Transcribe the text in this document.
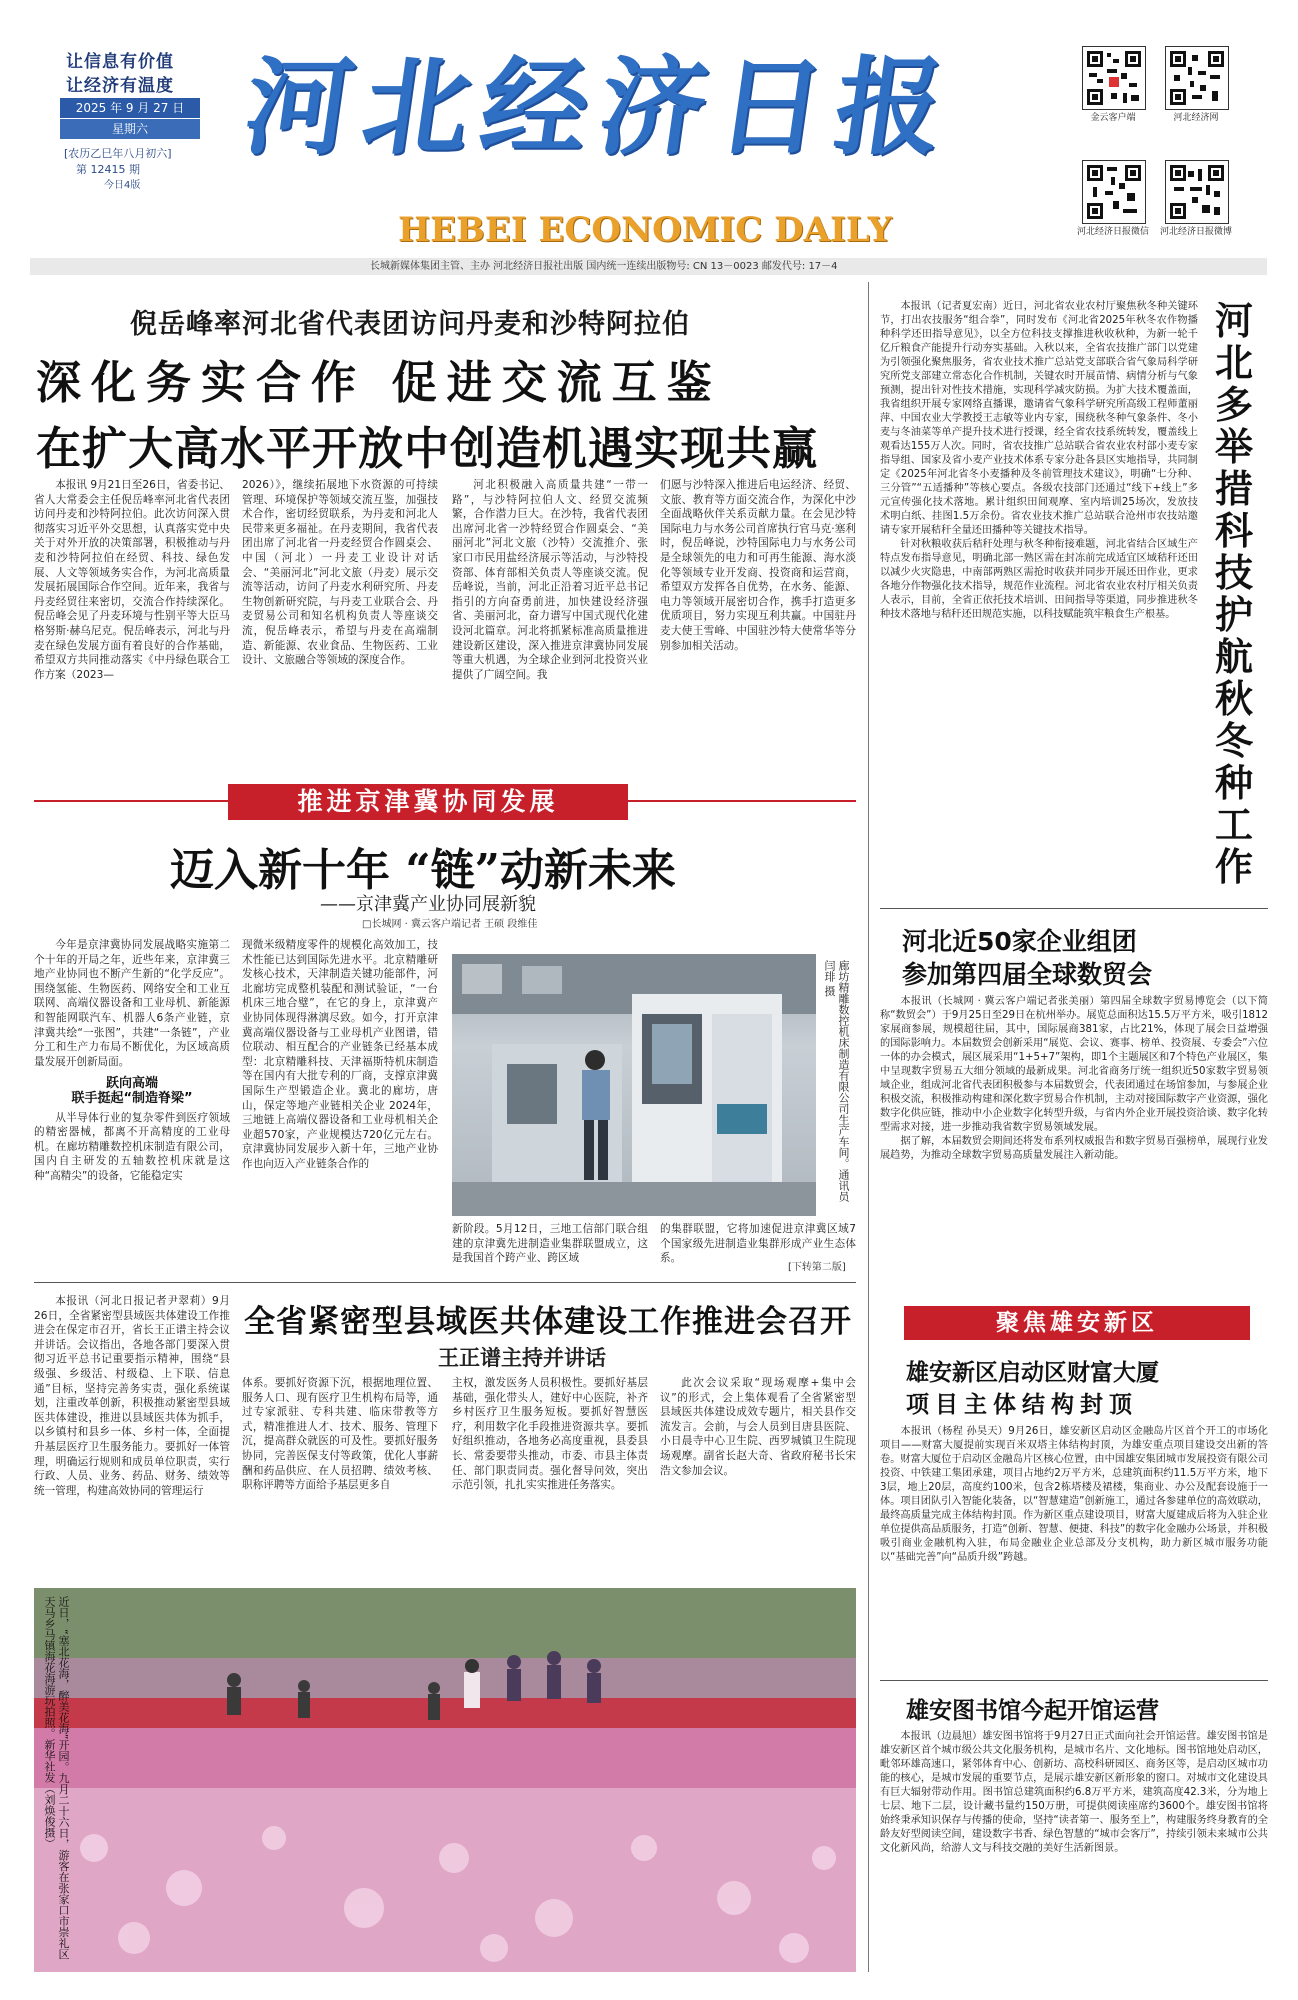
让信息有价值
让经济有温度
2025 年 9 月 27 日
星期六
[农历乙巳年八月初六]
第 12415 期
今日4版
河北经济日报
HEBEI ECONOMIC DAILY
金云客户端	河北经济网
河北经济日报微信	河北经济日报微博
长城新媒体集团主管、主办 河北经济日报社出版 国内统一连续出版物号: CN 13－0023 邮发代号: 17－4
倪岳峰率河北省代表团访问丹麦和沙特阿拉伯
深化务实合作 促进交流互鉴
在扩大高水平开放中创造机遇实现共赢

本报讯 9月21日至26日，省委书记、省人大常委会主任倪岳峰率河北省代表团访问丹麦和沙特阿拉伯。此次访问深入贯彻落实习近平外交思想，认真落实党中央关于对外开放的决策部署，积极推动与丹麦和沙特阿拉伯在经贸、科技、绿色发展、人文等领域务实合作，为河北高质量发展拓展国际合作空间。近年来，我省与丹麦经贸往来密切，交流合作持续深化。倪岳峰会见了丹麦环境与性别平等大臣马格努斯·赫乌尼克。倪岳峰表示，河北与丹麦在绿色发展方面有着良好的合作基础，希望双方共同推动落实《中丹绿色联合工作方案（2023—

2026）》，继续拓展地下水资源的可持续管理、环境保护等领域交流互鉴，加强技术合作，密切经贸联系，为丹麦和河北人民带来更多福祉。在丹麦期间，我省代表团出席了河北省一丹麦经贸合作圆桌会、中国（河北）一丹麦工业设计对话会、“美丽河北”河北文旅（丹麦）展示交流等活动，访问了丹麦水利研究所、丹麦生物创新研究院，与丹麦工业联合会、丹麦贸易公司和知名机构负责人等座谈交流，倪岳峰表示，希望与丹麦在高端制造、新能源、农业食品、生物医药、工业设计、文旅融合等领域的深度合作。

河北积极融入高质量共建“一带一路”，与沙特阿拉伯人文、经贸交流频繁，合作潜力巨大。在沙特，我省代表团出席河北省一沙特经贸合作圆桌会、“美丽河北”河北文旅（沙特）交流推介、张家口市民用盐经济展示等活动，与沙特投资部、体育部相关负责人等座谈交流。倪岳峰说，当前，河北正沿着习近平总书记指引的方向奋勇前进，加快建设经济强省、美丽河北，奋力谱写中国式现代化建设河北篇章。河北将抓紧标准高质量推进建设新区建设，深入推进京津冀协同发展等重大机遇，为全球企业到河北投资兴业提供了广阔空间。我

们愿与沙特深入推进后电运经济、经贸、文旅、教育等方面交流合作，为深化中沙全面战略伙伴关系贡献力量。在会见沙特国际电力与水务公司首席执行官马克·塞利时，倪岳峰说，沙特国际电力与水务公司是全球领先的电力和可再生能源、海水淡化等领域专业开发商、投资商和运营商，希望双方发挥各自优势，在水务、能源、电力等领域开展密切合作，携手打造更多优质项目，努力实现互利共赢。中国驻丹麦大使王雪峰、中国驻沙特大使常华等分别参加相关活动。

推进京津冀协同发展
迈入新十年 “链”动新未来
——京津冀产业协同展新貌
□长城网 · 冀云客户端记者 王硕 段维佳

今年是京津冀协同发展战略实施第二个十年的开局之年，近些年来，京津冀三地产业协同也不断产生新的“化学反应”。围绕氢能、生物医药、网络安全和工业互联网、高端仪器设备和工业母机、新能源和智能网联汽车、机器人6条产业链，京津冀共绘“一张图”，共建“一条链”，产业分工和生产力布局不断优化，为区域高质量发展开创新局面。

跃向高端
联手挺起“制造脊梁”

从半导体行业的复杂零件到医疗领域的精密器械，都离不开高精度的工业母机。在廊坊精雕数控机床制造有限公司，国内自主研发的五轴数控机床就是这种“高精尖”的设备，它能稳定实

现微米级精度零件的规模化高效加工，技术性能已达到国际先进水平。北京精雕研发核心技术，天津制造关键功能部件，河北廊坊完成整机装配和测试验证，“一台机床三地合璧”，在它的身上，京津冀产业协同体现得淋漓尽致。如今，打开京津冀高端仪器设备与工业母机产业图谱，错位联动、相互配合的产业链条已经基本成型：北京精雕科技、天津福斯特机床制造等在国内有大批专利的厂商，支撑京津冀国际生产型锻造企业。冀北的廊坊，唐山，保定等地产业链相关企业 2024年，三地链上高端仪器设备和工业母机相关企业超570家，产业规模达720亿元左右。京津冀协同发展步入新十年，三地产业协作也向迈入产业链条合作的	廊坊精雕数控机床制造有限公司生产车间。通讯员 闫琲 摄

新阶段。5月12日，三地工信部门联合组建的京津冀先进制造业集群联盟成立，这是我国首个跨产业、跨区域

的集群联盟，它将加速促进京津冀区域7个国家级先进制造业集群形成产业生态体系。

[下转第二版]

本报讯（河北日报记者尹翠莉）9月26日，全省紧密型县域医共体建设工作推进会在保定市召开，省长王正谱主持会议并讲话。会议指出，各地各部门要深入贯彻习近平总书记重要指示精神，围绕“县级强、乡级活、村级稳、上下联、信息通”目标，坚持完善务实责，强化系统谋划，注重改革创新，积极推动紧密型县域医共体建设，推进以县域医共体为抓手，以乡镇村和县乡一体、乡村一体，全面提升基层医疗卫生服务能力。要抓好一体管理，明确运行规则和成员单位职责，实行行政、人员、业务、药品、财务、绩效等统一管理，构建高效协同的管理运行

全省紧密型县域医共体建设工作推进会召开
王正谱主持并讲话

体系。要抓好资源下沉，根据地理位置、服务人口、现有医疗卫生机构布局等，通过专家派驻、专科共建、临床带教等方式，精准推进人才、技术、服务、管理下沉，提高群众就医的可及性。要抓好服务协同，完善医保支付等政策，优化人事薪酬和药品供应、在人员招聘、绩效考核、职称评聘等方面给予基层更多自

主权，激发医务人员积极性。要抓好基层基础，强化带头人，建好中心医院，补齐乡村医疗卫生服务短板。要抓好智慧医疗，利用数字化手段推进资源共享。要抓好组织推动，各地务必高度重视，县委县长、常委要带头推动，市委、市县主体责任、部门职责同责。强化督导问效，突出示范引领，扎扎实实推进任务落实。

此次会议采取“现场观摩+集中会议”的形式，会上集体观看了全省紧密型县域医共体建设成效专题片，相关县作交流发言。会前，与会人员到目唐县医院、小日晨寺中心卫生院、西罗城镇卫生院现场观摩。副省长赵大奇、省政府秘书长宋浩文参加会议。

近日，“塞北花海，醉美花海”开园。九月二十六日，游客在张家口市崇礼区天马乡马镇海花海游玩拍照。新华社发（刘焕俊摄）

本报讯（记者夏宏南）近日，河北省农业农村厅聚焦秋冬种关键环节，打出农技服务“组合拳”，同时发布《河北省2025年秋冬农作物播种科学还田指导意见》，以全方位科技支撑推进秋收秋种，为新一轮千亿斤粮食产能提升行动夯实基础。入秋以来，全省农技推广部门以党建为引领强化聚焦服务，省农业技术推广总站党支部联合省气象局科学研究所党支部建立常态化合作机制，关键农时开展苗情、病情分析与气象预测，提出针对性技术措施，实现科学减灾防损。为扩大技术覆盖面，我省组织开展专家网络直播课，邀请省气象科学研究所高级工程师董丽萍、中国农业大学教授王志敏等业内专家，围绕秋冬种气象条件、冬小麦与冬油菜等单产提升技术进行授课，经全省农技系统转发，覆盖线上观看达155万人次。同时，省农技推广总站联合省农业农村部小麦专家指导组、国家及省小麦产业技术体系专家分赴各县区实地指导，共同制定《2025年河北省冬小麦播种及冬前管理技术建议》，明确“七分种、三分管”“五适播种”等核心要点。各级农技部门还通过“线下+线上”多元宣传强化技术落地。累计组织田间观摩、室内培训25场次，发放技术明白纸、挂图1.5万余份。省农业技术推广总站联合沧州市农技站邀请专家开展秸秆全量还田播种等关键技术指导。

针对秋粮收获后秸秆处理与秋冬种衔接难题，河北省结合区域生产特点发布指导意见，明确北部一熟区需在封冻前完成适宜区域秸秆还田以减少火灾隐患，中南部两熟区需抢时收获并同步开展还田作业，更求各地分作物强化技术指导，规范作业流程。河北省农业农村厅相关负责人表示，目前，全省正依托技术培训、田间指导等渠道，同步推进秋冬种技术落地与秸秆还田规范实施，以科技赋能筑牢粮食生产根基。

河北多举措科技护航秋冬种工作
河北近50家企业组团
参加第四届全球数贸会

本报讯（长城网 · 冀云客户端记者张美丽）第四届全球数字贸易博览会（以下简称“数贸会”）于9月25日至29日在杭州举办。展览总面积达15.5万平方米，吸引1812家展商参展，规模超往届，其中，国际展商381家，占比21%，体现了展会日益增强的国际影响力。本届数贸会创新采用“展览、会议、赛事、榜单、投资展、专委会”六位一体的办会模式，展区展采用“1+5+7”架构，即1个主题展区和7个特色产业展区，集中呈现数字贸易五大细分领域的最新成果。河北省商务厅统一组织近50家数字贸易领域企业，组成河北省代表团积极参与本届数贸会，代表团通过在场馆参加，与参展企业积极交流，积极推动构建和深化数字贸易合作机制，主动对接国际数字产业资源，强化数字化供应链，推动中小企业数字化转型升级，与省内外企业开展投资洽谈、数字化转型需求对接，进一步推动我省数字贸易领域发展。

据了解，本届数贸会期间还将发布系列权威报告和数字贸易百强榜单，展现行业发展趋势，为推动全球数字贸易高质量发展注入新动能。

聚焦雄安新区
雄安新区启动区财富大厦
项目主体结构封顶

本报讯（杨程 孙昊天）9月26日，雄安新区启动区金融岛片区首个开工的市场化项目——财富大厦提前实现百米双塔主体结构封顶，为雄安重点项目建设交出新的答卷。财富大厦位于启动区金融岛片区核心位置，由中国雄安集团城市发展投资有限公司投资、中铁建工集团承建，项目占地约2万平方米，总建筑面积约11.5万平方米，地下3层，地上20层，高度约100米，包含2栋塔楼及裙楼，集商业、办公及配套设施于一体。项目团队引入智能化装备，以“智慧建造”创新施工，通过各参建单位的高效联动，最终高质量完成主体结构封顶。作为新区重点建设项目，财富大厦建成后将为入驻企业单位提供高品质服务，打造“创新、智慧、便捷、科技”的数字化金融办公场景，并积极吸引商业金融机构入驻，布局金融业企业总部及分支机构，助力新区城市服务功能以“基础完善”向“品质升级”跨越。

雄安图书馆今起开馆运营

本报讯（边晨旭）雄安图书馆将于9月27日正式面向社会开馆运营。雄安图书馆是雄安新区首个城市级公共文化服务机构，是城市名片、文化地标。图书馆地处启动区，毗邻环雄高速口，紧邻体育中心、创新坊、高校科研园区、商务区等，是启动区城市功能的核心，是城市发展的重要节点，是展示雄安新区新形象的窗口。对城市文化建设具有巨大辐射带动作用。图书馆总建筑面积约6.8万平方米，建筑高度42.3米，分为地上七层、地下二层，设计藏书量约150万册，可提供阅读座席约3600个。雄安图书馆将始终秉承知识保存与传播的使命，坚持“读者第一、服务至上”，构建服务终身教育的全龄友好型阅读空间，建设数字书香、绿色智慧的“城市会客厅”，持续引领未来城市公共文化新风尚，给游人文与科技交融的美好生活新图景。
